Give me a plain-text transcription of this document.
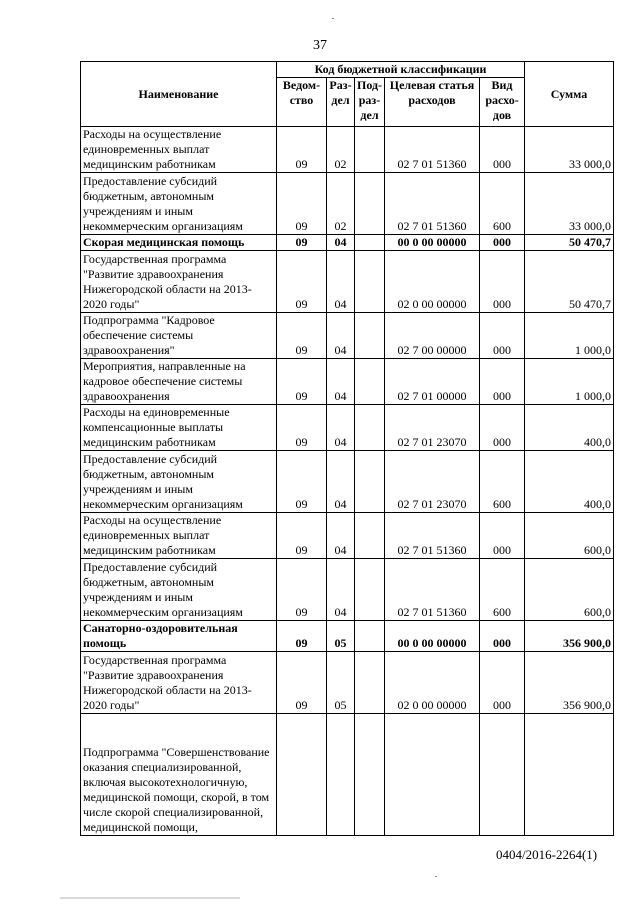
37
Наименование	Код бюджетной классификации					Сумма
	Ведом-ство	Раз-дел	Под-раз-дел	Целевая статья расходов	Вид расхо-дов	
Расходы на осуществление единовременных выплат медицинским работникам	09	02		02 7 01 51360	000	33 000,0
Предоставление субсидий бюджетным, автономным учреждениям и иным некоммерческим организациям	09	02		02 7 01 51360	600	33 000,0
Скорая медицинская помощь	09	04		00 0 00 00000	000	50 470,7
Государственная программа "Развитие здравоохранения Нижегородской области на 2013-2020 годы"	09	04		02 0 00 00000	000	50 470,7
Подпрограмма "Кадровое обеспечение системы здравоохранения"	09	04		02 7 00 00000	000	1 000,0
Мероприятия, направленные на кадровое обеспечение системы здравоохранения	09	04		02 7 01 00000	000	1 000,0
Расходы на единовременные компенсационные выплаты медицинским работникам	09	04		02 7 01 23070	000	400,0
Предоставление субсидий бюджетным, автономным учреждениям и иным некоммерческим организациям	09	04		02 7 01 23070	600	400,0
Расходы на осуществление единовременных выплат медицинским работникам	09	04		02 7 01 51360	000	600,0
Предоставление субсидий бюджетным, автономным учреждениям и иным некоммерческим организациям	09	04		02 7 01 51360	600	600,0
Санаторно-оздоровительная помощь	09	05		00 0 00 00000	000	356 900,0
Государственная программа "Развитие здравоохранения Нижегородской области на 2013-2020 годы"	09	05		02 0 00 00000	000	356 900,0
Подпрограмма "Совершенствование оказания специализированной, включая высокотехнологичную, медицинской помощи, скорой, в том числе скорой специализированной, медицинской помощи,						
0404/2016-2264(1)
